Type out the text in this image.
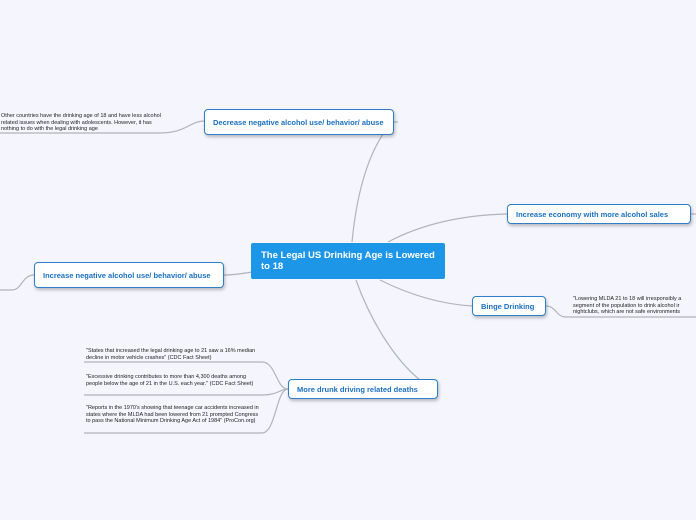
The Legal US Drinking Age is Lowered to 18
Decrease negative alcohol use/ behavior/ abuse
Increase economy with more alcohol sales
Increase negative alcohol use/ behavior/ abuse
Binge Drinking
More drunk driving related deaths
Other countries have the drinking age of 18 and have less alcohol related issues when dealing with adolescents. However, it has nothing to do with the legal drinking age
"Lowering MLDA 21 to 18 will irresponsibly a segment of the population to drink alcohol ir nightclubs, which are not safe environments
"States that increased the legal drinking age to 21 saw a 16% median decline in motor vehicle crashes" (CDC Fact Sheet)
"Excessive drinking contributes to more than 4,300 deaths among people below the age of 21 in the U.S. each year." (CDC Fact Sheet)
"Reports in the 1970's showing that teenage car accidents increased in states where the MLDA had been lowered from 21 prompted Congress to pass the National Minimum Drinking Age Act of 1984" (ProCon.org)
